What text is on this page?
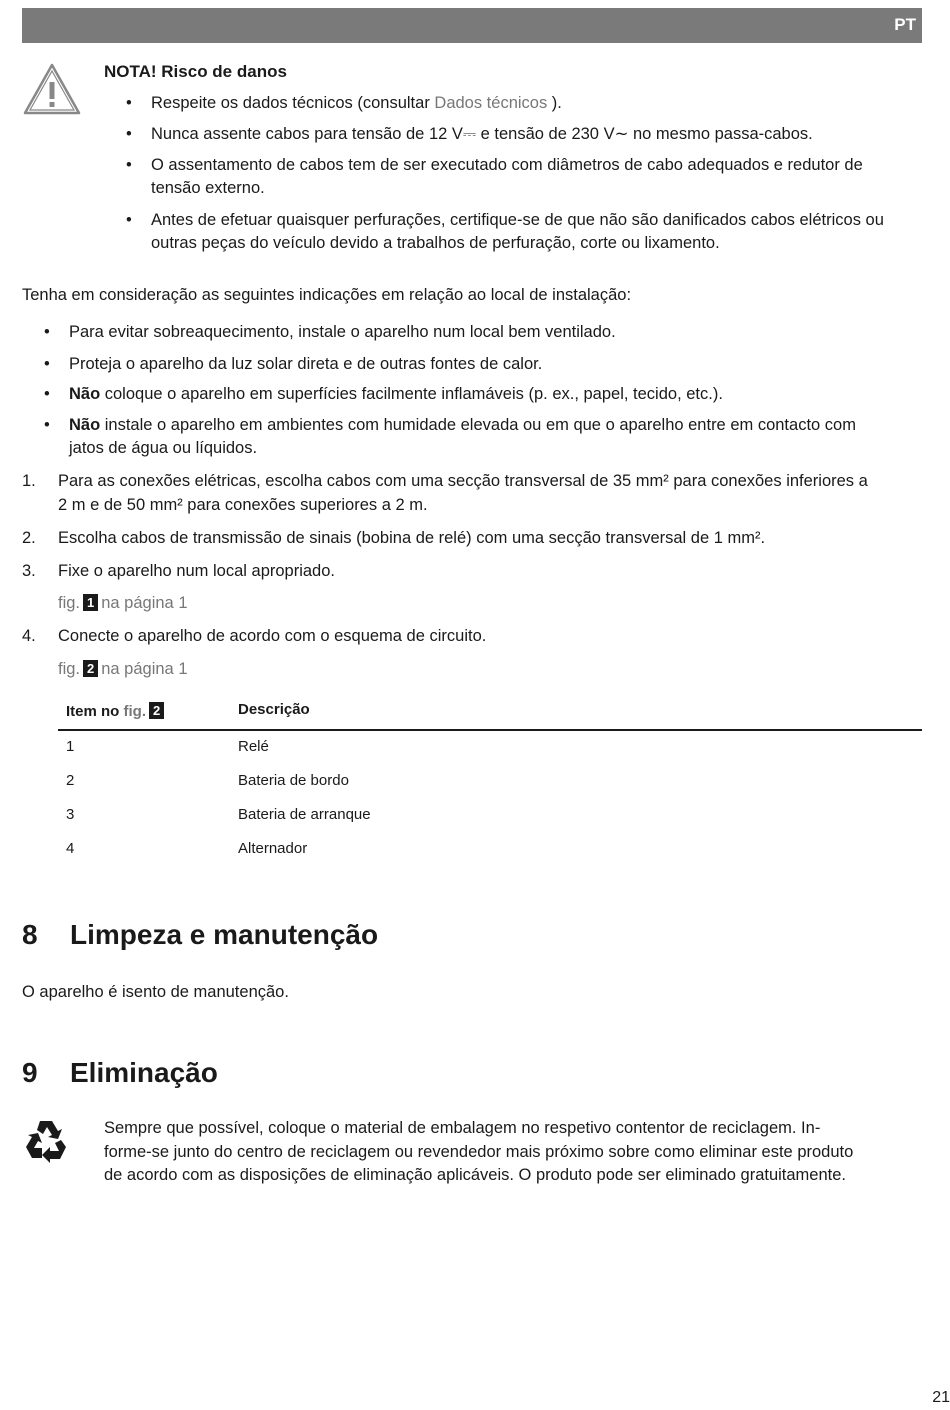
PT
NOTA! Risco de danos
• Respeite os dados técnicos (consultar Dados técnicos ).
• Nunca assente cabos para tensão de 12 V⎓ e tensão de 230 V∼ no mesmo passa-cabos.
• O assentamento de cabos tem de ser executado com diâmetros de cabo adequados e redutor de
tensão externo.
• Antes de efetuar quaisquer perfurações, certifique-se de que não são danificados cabos elétricos ou
outras peças do veículo devido a trabalhos de perfuração, corte ou lixamento.
Tenha em consideração as seguintes indicações em relação ao local de instalação:
• Para evitar sobreaquecimento, instale o aparelho num local bem ventilado.
• Proteja o aparelho da luz solar direta e de outras fontes de calor.
• Não coloque o aparelho em superfícies facilmente inflamáveis (p. ex., papel, tecido, etc.).
• Não instale o aparelho em ambientes com humidade elevada ou em que o aparelho entre em contacto com
jatos de água ou líquidos.
1. Para as conexões elétricas, escolha cabos com uma secção transversal de 35 mm² para conexões inferiores a
2 m e de 50 mm² para conexões superiores a 2 m.
2. Escolha cabos de transmissão de sinais (bobina de relé) com uma secção transversal de 1 mm².
3. Fixe o aparelho num local apropriado.
fig. 1 na página 1
4. Conecte o aparelho de acordo com o esquema de circuito.
fig. 2 na página 1
Item no fig. 2	Descrição
1	Relé
2	Bateria de bordo
3	Bateria de arranque
4	Alternador
8 Limpeza e manutenção
O aparelho é isento de manutenção.
9 Eliminação
Sempre que possível, coloque o material de embalagem no respetivo contentor de reciclagem. In-
forme-se junto do centro de reciclagem ou revendedor mais próximo sobre como eliminar este produto
de acordo com as disposições de eliminação aplicáveis. O produto pode ser eliminado gratuitamente.
21
